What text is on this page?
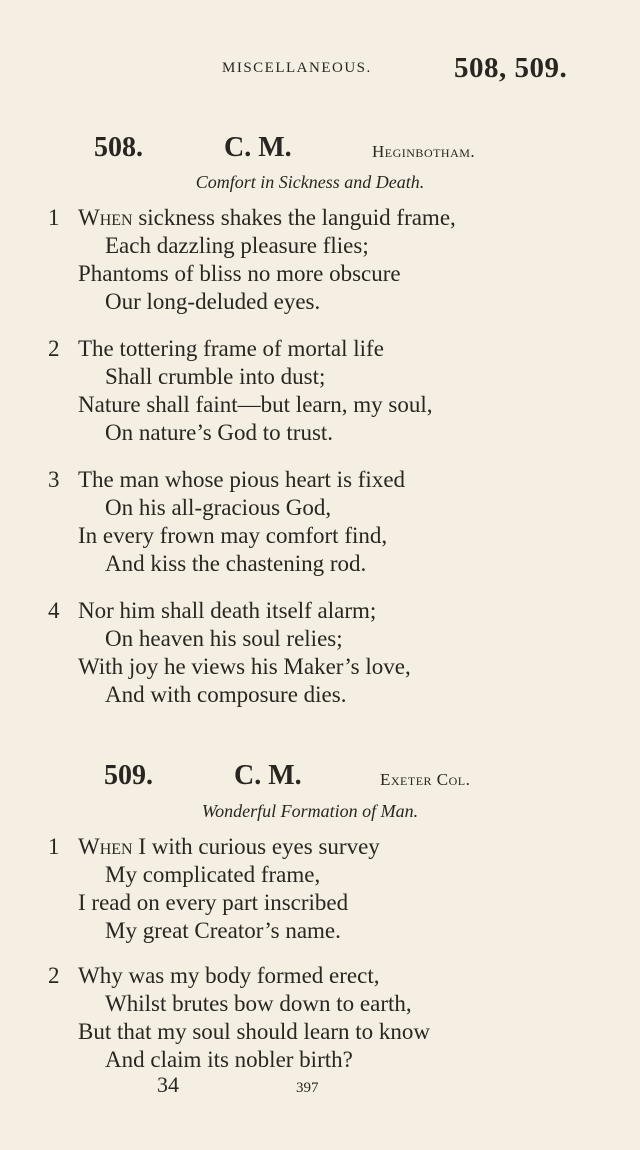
MISCELLANEOUS.	508, 509.
508.	C. M.	Heginbotham.
Comfort in Sickness and Death.
1 When sickness shakes the languid frame,
Each dazzling pleasure flies;
Phantoms of bliss no more obscure
Our long-deluded eyes.
2 The tottering frame of mortal life
Shall crumble into dust;
Nature shall faint—but learn, my soul,
On nature’s God to trust.
3 The man whose pious heart is fixed
On his all-gracious God,
In every frown may comfort find,
And kiss the chastening rod.
4 Nor him shall death itself alarm;
On heaven his soul relies;
With joy he views his Maker’s love,
And with composure dies.
509.	C. M.	Exeter Col.
Wonderful Formation of Man.
1 When I with curious eyes survey
My complicated frame,
I read on every part inscribed
My great Creator’s name.
2 Why was my body formed erect,
Whilst brutes bow down to earth,
But that my soul should learn to know
And claim its nobler birth?
34	397
